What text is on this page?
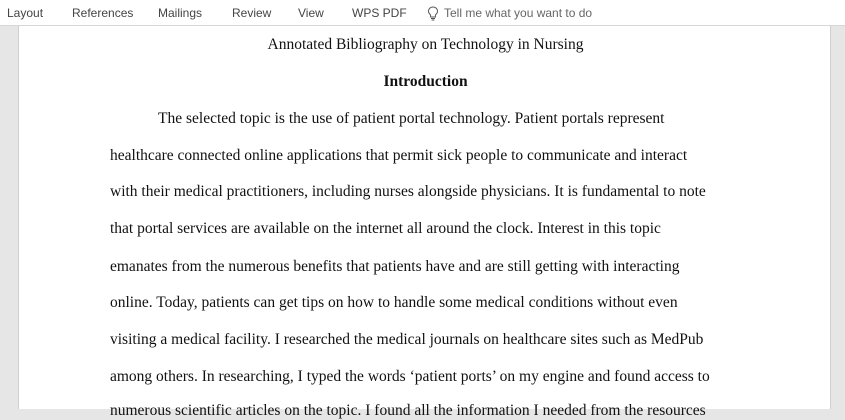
Layout References Mailings Review View WPS PDF	Tell me what you want to do
Annotated Bibliography on Technology in Nursing
Introduction
The selected topic is the use of patient portal technology. Patient portals represent
healthcare connected online applications that permit sick people to communicate and interact
with their medical practitioners, including nurses alongside physicians. It is fundamental to note
that portal services are available on the internet all around the clock. Interest in this topic
emanates from the numerous benefits that patients have and are still getting with interacting
online. Today, patients can get tips on how to handle some medical conditions without even
visiting a medical facility. I researched the medical journals on healthcare sites such as MedPub
among others. In researching, I typed the words ‘patient ports’ on my engine and found access to
numerous scientific articles on the topic. I found all the information I needed from the resources
